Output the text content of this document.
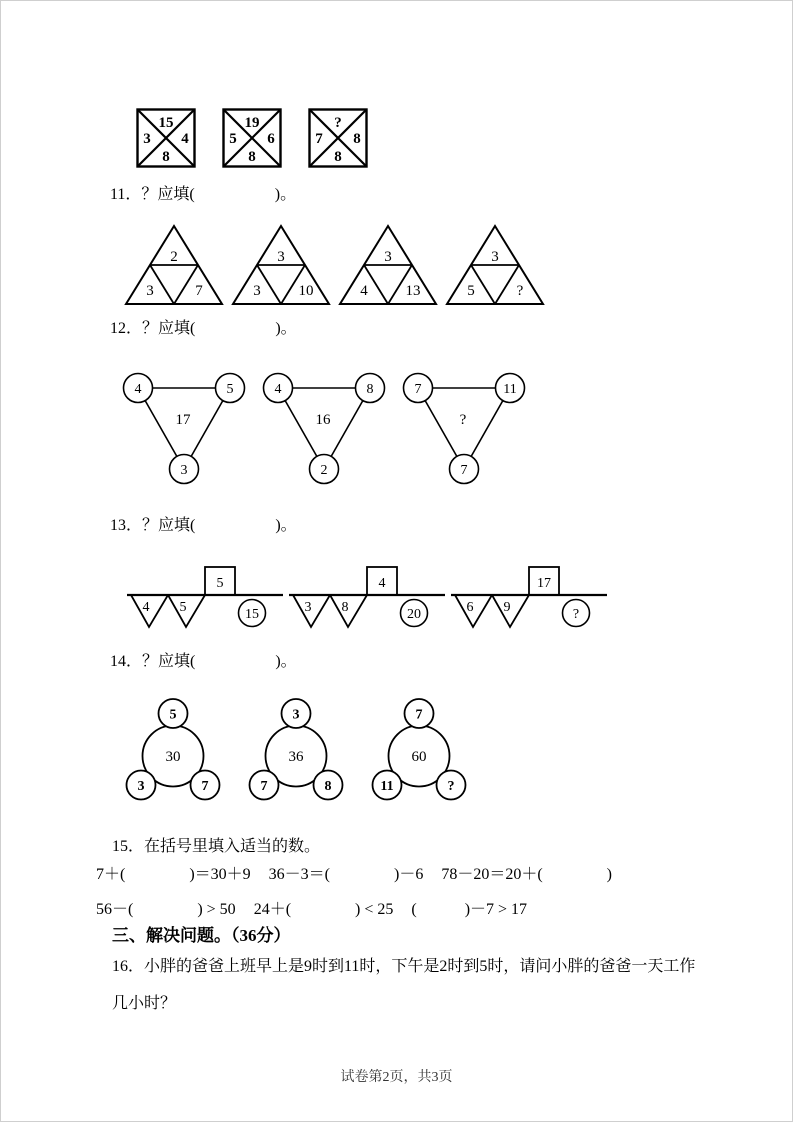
15
3 4
8
19
5 6
8
?
7 8
8
11．？应填(　　　　　)。
2
3	7
3
3	10
3
4	13
3
5	?
12．？应填(　　　　　)。
4	5
3
17
4	8
2
16
7	11
7
?
13．？应填(　　　　　)。
4 5
5
15	3 8
4
20	6 9
17
?
14．？应填(　　　　　)。
30
5
3	7
36
3
7	8
60
7
11	?
15．在括号里填入适当的数。
7＋(　　　　)＝30＋9 36－3＝(　　　　)－6 78－20＝20＋(　　　　)
56－(　　　　) > 50 24＋(　　　　) < 25 (　　　)－7 > 17
三、解决问题。（36分）
16．小胖的爸爸上班早上是9时到11时，下午是2时到5时，请问小胖的爸爸一天工作几小时？
试卷第2页，共3页
